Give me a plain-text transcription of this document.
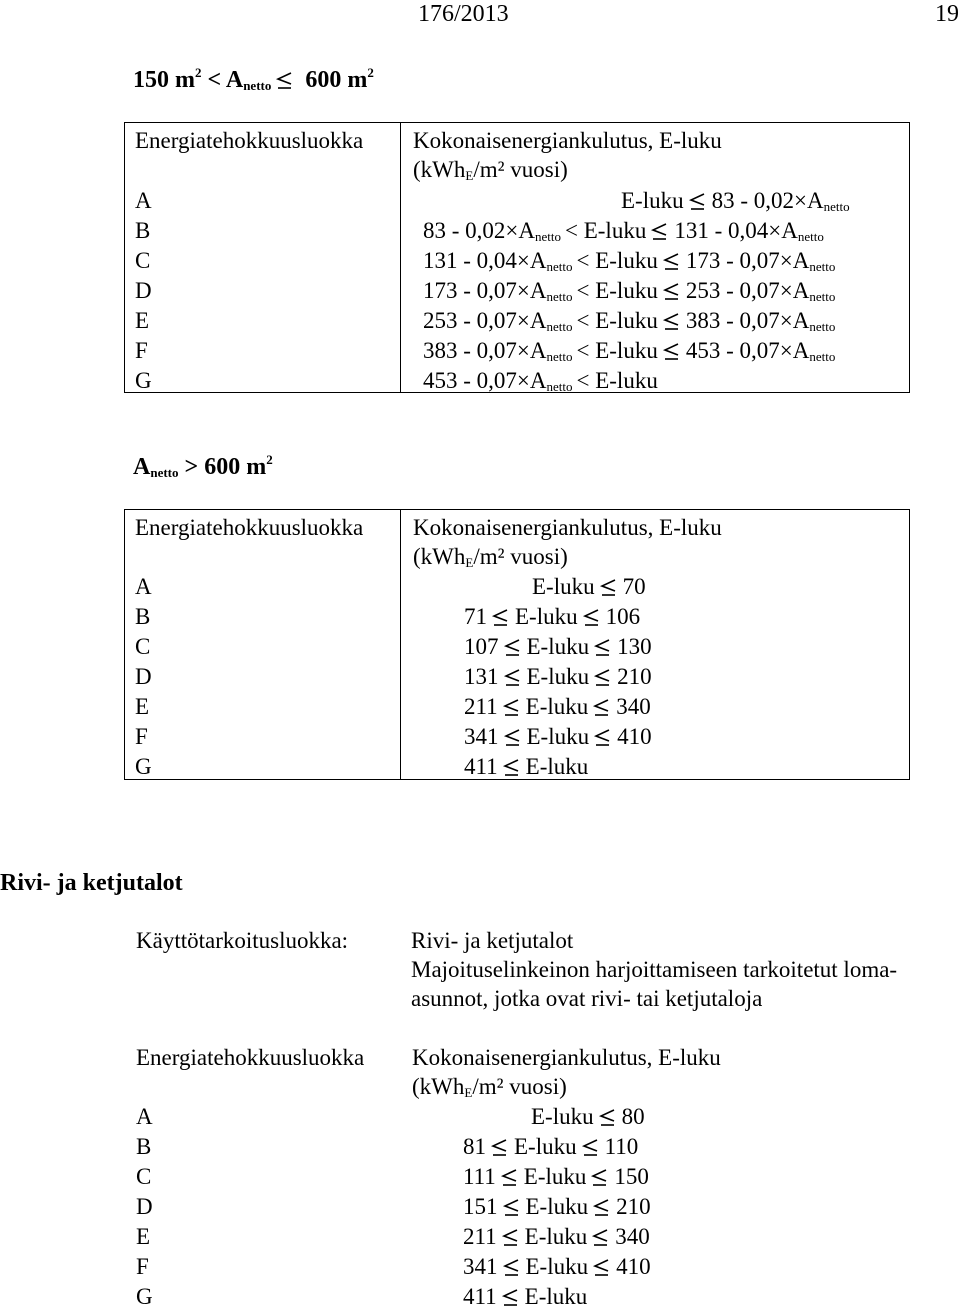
176/2013	19
150 $m^2 < A_{netto}$
600 $m^2$
Energiatehokkuusluokka Kokonaisenergiankulutus, E-luku
(kWh$_E$/m² vuosi)
A	E-luku $83 - 0,02\times A_{netto}$
B	$83 - 0,02\times A_{netto}$ < E-luku $131 - 0,04\times A_{netto}$
C	$131 - 0,04\times A_{netto}$ < E-luku $173 - 0,07\times A_{netto}$
D	$173 - 0,07\times A_{netto}$ < E-luku $253 - 0,07\times A_{netto}$
E	$253 - 0,07\times A_{netto}$ < E-luku $383 - 0,07\times A_{netto}$
F	$383 - 0,07\times A_{netto}$ < E-luku $453 - 0,07\times A_{netto}$
G	$453 - 0,07\times A_{netto}$ < E-luku
$A_{netto} > 600$ $m^2$
Energiatehokkuusluokka Kokonaisenergiankulutus, E-luku
(kWh$_E$/m² vuosi)
A	E-luku 70
B	71 E-luku 106
C	107 E-luku 130
D	131 E-luku 210
E	211 E-luku 340
F	341 E-luku 410
G	411 E-luku
Rivi- ja ketjutalot
Käyttötarkoitusluokka:	Rivi- ja ketjutalot
Majoituselinkeinon harjoittamiseen tarkoitetut loma-
asunnot, jotka ovat rivi- tai ketjutaloja
Energiatehokkuusluokka Kokonaisenergiankulutus, E-luku
(kWh$_E$/m² vuosi)
A	E-luku 80
B	81 E-luku 110
C	111 E-luku 150
D	151 E-luku 210
E	211 E-luku 340
F	341 E-luku 410
G	411 E-luku
